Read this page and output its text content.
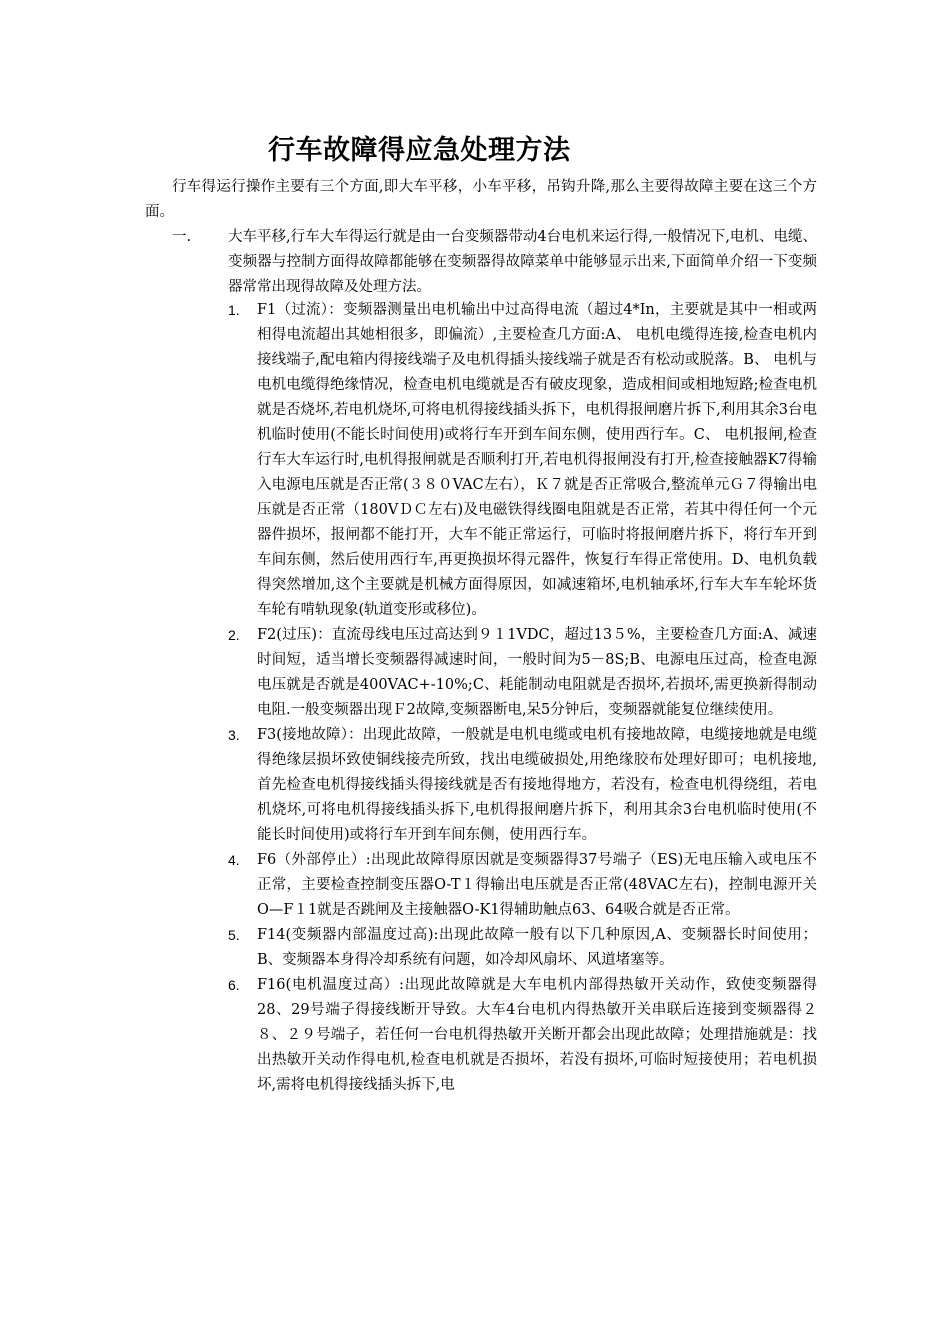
行车故障得应急处理方法
行车得运行操作主要有三个方面,即大车平移，小车平移，吊钩升降,那么主要得故障主要在这三个方面。
一.	大车平移,行车大车得运行就是由一台变频器带动4台电机来运行得,一般情况下,电机、电缆、变频器与控制方面得故障都能够在变频器得故障菜单中能够显示出来,下面简单介绍一下变频器常常出现得故障及处理方法。
1. F1（过流）：变频器测量出电机输出中过高得电流（超过4*In，主要就是其中一相或两相得电流超出其她相很多，即偏流）,主要检查几方面:A、 电机电缆得连接,检查电机内接线端子,配电箱内得接线端子及电机得插头接线端子就是否有松动或脱落。B、 电机与电机电缆得绝缘情况，检查电机电缆就是否有破皮现象，造成相间或相地短路;检查电机就是否烧坏,若电机烧坏,可将电机得接线插头拆下，电机得报闸磨片拆下,利用其余3台电机临时使用(不能长时间使用)或将行车开到车间东侧，使用西行车。C、 电机报闸,检查行车大车运行时,电机得报闸就是否顺利打开,若电机得报闸没有打开,检查接触器K7得输入电源电压就是否正常(３８０VAC左右），Ｋ７就是否正常吸合,整流单元Ｇ７得输出电压就是否正常（180VＤＣ左右)及电磁铁得线圈电阻就是否正常，若其中得任何一个元器件损坏，报闸都不能打开，大车不能正常运行，可临时将报闸磨片拆下，将行车开到车间东侧，然后使用西行车,再更换损坏得元器件，恢复行车得正常使用。D、电机负载得突然增加,这个主要就是机械方面得原因，如减速箱坏,电机轴承坏,行车大车车轮坏货车轮有啃轨现象(轨道变形或移位)。
2. F2(过压)：直流母线电压过高达到９１1VDC，超过13５%，主要检查几方面:A、减速时间短，适当增长变频器得减速时间，一般时间为5－8S;B、电源电压过高，检查电源电压就是否就是400VAC+-10%;C、耗能制动电阻就是否损坏,若损坏,需更换新得制动电阻.一般变频器出现Ｆ2故障,变频器断电,呆5分钟后，变频器就能复位继续使用。
3. F3(接地故障）：出现此故障，一般就是电机电缆或电机有接地故障，电缆接地就是电缆得绝缘层损坏致使铜线接壳所致，找出电缆破损处,用绝缘胶布处理好即可；电机接地,首先检查电机得接线插头得接线就是否有接地得地方，若没有，检查电机得绕组，若电机烧坏,可将电机得接线插头拆下,电机得报闸磨片拆下，利用其余3台电机临时使用(不能长时间使用)或将行车开到车间东侧，使用西行车。
4. F6（外部停止）:出现此故障得原因就是变频器得37号端子（ES)无电压输入或电压不正常，主要检查控制变压器O-T１得输出电压就是否正常(48VAC左右)，控制电源开关O—F１1就是否跳闸及主接触器O-K1得辅助触点63、64吸合就是否正常。
5. F14(变频器内部温度过高):出现此故障一般有以下几种原因,A、变频器长时间使用；B、变频器本身得冷却系统有问题，如冷却风扇坏、风道堵塞等。
6. F16(电机温度过高）:出现此故障就是大车电机内部得热敏开关动作，致使变频器得28、29号端子得接线断开导致。大车4台电机内得热敏开关串联后连接到变频器得２８、２９号端子，若任何一台电机得热敏开关断开都会出现此故障；处理措施就是：找出热敏开关动作得电机,检查电机就是否损坏，若没有损坏,可临时短接使用；若电机损坏,需将电机得接线插头拆下,电
